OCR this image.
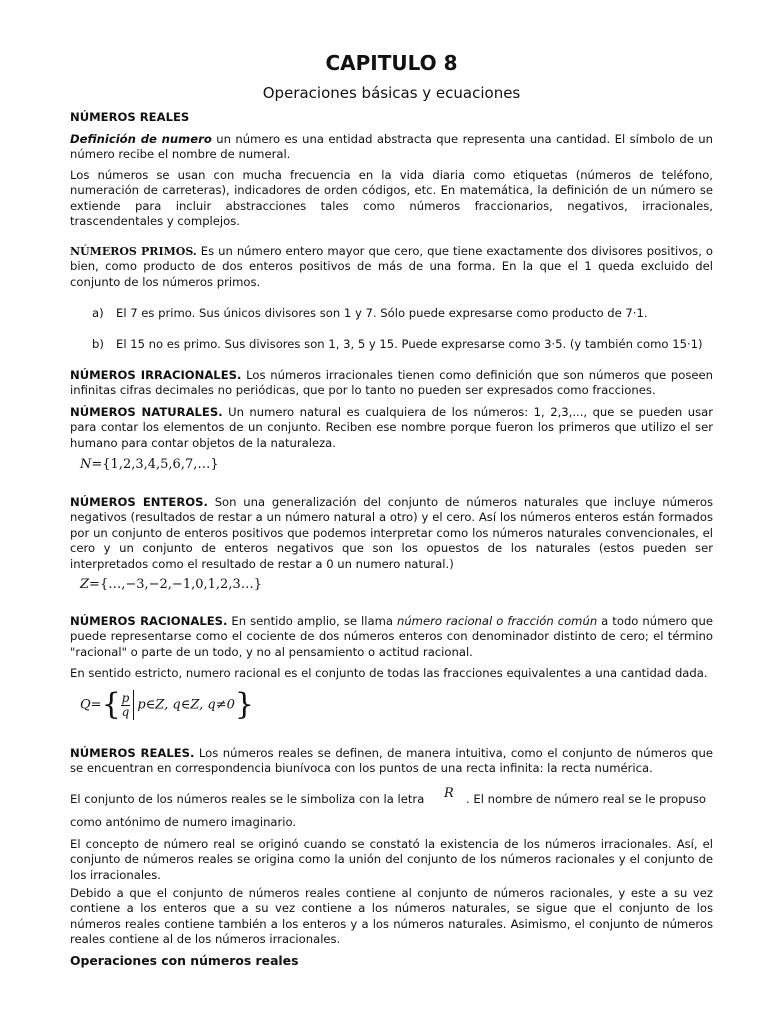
CAPITULO 8
Operaciones básicas y ecuaciones

NÚMEROS REALES

Definición de numero un número es una entidad abstracta que representa una cantidad. El símbolo de un número recibe el nombre de numeral.

Los números se usan con mucha frecuencia en la vida diaria como etiquetas (números de teléfono, numeración de carreteras), indicadores de orden códigos, etc. En matemática, la definición de un número se extiende para incluir abstracciones tales como números fraccionarios, negativos, irracionales, trascendentales y complejos.

NÚMEROS PRIMOS. Es un número entero mayor que cero, que tiene exactamente dos divisores positivos, o bien, como producto de dos enteros positivos de más de una forma. En la que el 1 queda excluido del conjunto de los números primos.

a) El 7 es primo. Sus únicos divisores son 1 y 7. Sólo puede expresarse como producto de 7·1.
b) El 15 no es primo. Sus divisores son 1, 3, 5 y 15. Puede expresarse como 3·5. (y también como 15·1)

NÚMEROS IRRACIONALES. Los números irracionales tienen como definición que son números que poseen infinitas cifras decimales no periódicas, que por lo tanto no pueden ser expresados como fracciones.

NÚMEROS NATURALES. Un numero natural es cualquiera de los números: 1, 2,3,..., que se pueden usar para contar los elementos de un conjunto. Reciben ese nombre porque fueron los primeros que utilizo el ser humano para contar objetos de la naturaleza.

N={1,2,3,4,5,6,7,…}

NÚMEROS ENTEROS. Son una generalización del conjunto de números naturales que incluye números negativos (resultados de restar a un número natural a otro) y el cero. Así los números enteros están formados por un conjunto de enteros positivos que podemos interpretar como los números naturales convencionales, el cero y un conjunto de enteros negativos que son los opuestos de los naturales (estos pueden ser interpretados como el resultado de restar a 0 un numero natural.)

Z={…,−3,−2,−1,0,1,2,3…}

NÚMEROS RACIONALES. En sentido amplio, se llama número racional o fracción común a todo número que puede representarse como el cociente de dos números enteros con denominador distinto de cero; el término "racional" o parte de un todo, y no al pensamiento o actitud racional.

En sentido estricto, numero racional es el conjunto de todas las fracciones equivalentes a una cantidad dada.

$Q=\{ \frac{p}{q}$ p∈Z, q∈Z, q≠0}

NÚMEROS REALES. Los números reales se definen, de manera intuitiva, como el conjunto de números que se encuentran en correspondencia biunívoca con los puntos de una recta infinita: la recta numérica.

El conjunto de los números reales se le simboliza con la letra R . El nombre de número real se le propuso

como antónimo de numero imaginario.

El concepto de número real se originó cuando se constató la existencia de los números irracionales. Así, el conjunto de números reales se origina como la unión del conjunto de los números racionales y el conjunto de los irracionales.

Debido a que el conjunto de números reales contiene al conjunto de números racionales, y este a su vez contiene a los enteros que a su vez contiene a los números naturales, se sigue que el conjunto de los números reales contiene también a los enteros y a los números naturales. Asimismo, el conjunto de números reales contiene al de los números irracionales.

Operaciones con números reales
